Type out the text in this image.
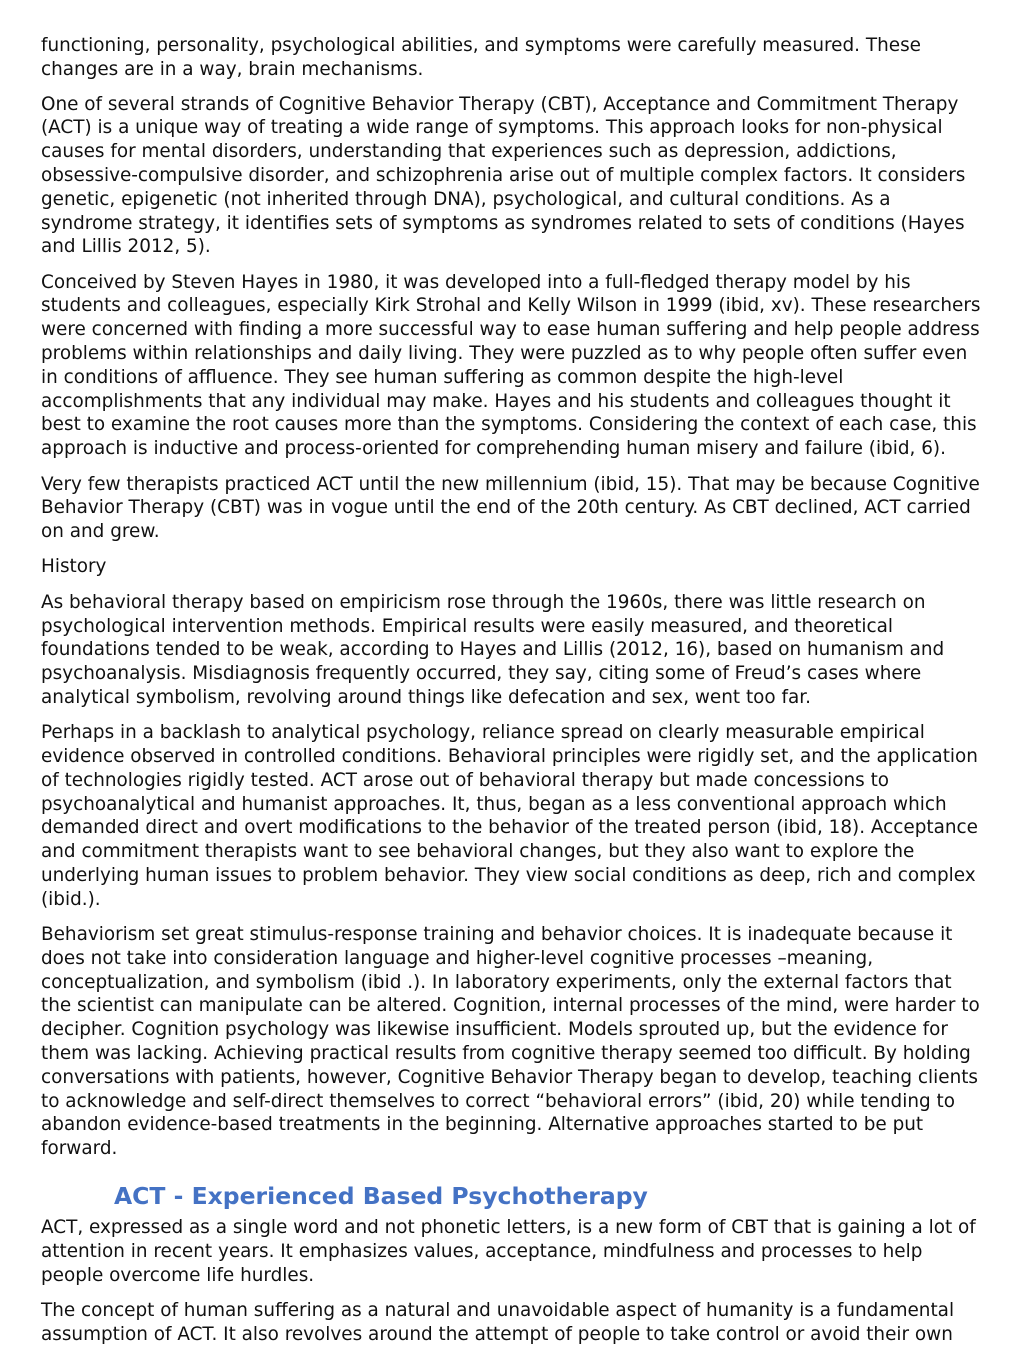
functioning, personality, psychological abilities, and symptoms were carefully measured. These changes are in a way, brain mechanisms.

One of several strands of Cognitive Behavior Therapy (CBT), Acceptance and Commitment Therapy (ACT) is a unique way of treating a wide range of symptoms. This approach looks for non-physical causes for mental disorders, understanding that experiences such as depression, addictions, obsessive-compulsive disorder, and schizophrenia arise out of multiple complex factors. It considers genetic, epigenetic (not inherited through DNA), psychological, and cultural conditions. As a syndrome strategy, it identifies sets of symptoms as syndromes related to sets of conditions (Hayes and Lillis 2012, 5).

Conceived by Steven Hayes in 1980, it was developed into a full-fledged therapy model by his students and colleagues, especially Kirk Strohal and Kelly Wilson in 1999 (ibid, xv). These researchers were concerned with finding a more successful way to ease human suffering and help people address problems within relationships and daily living. They were puzzled as to why people often suffer even in conditions of affluence. They see human suffering as common despite the high-level accomplishments that any individual may make. Hayes and his students and colleagues thought it best to examine the root causes more than the symptoms. Considering the context of each case, this approach is inductive and process-oriented for comprehending human misery and failure (ibid, 6).

Very few therapists practiced ACT until the new millennium (ibid, 15). That may be because Cognitive Behavior Therapy (CBT) was in vogue until the end of the 20th century. As CBT declined, ACT carried on and grew.

History

As behavioral therapy based on empiricism rose through the 1960s, there was little research on psychological intervention methods. Empirical results were easily measured, and theoretical foundations tended to be weak, according to Hayes and Lillis (2012, 16), based on humanism and psychoanalysis. Misdiagnosis frequently occurred, they say, citing some of Freud’s cases where analytical symbolism, revolving around things like defecation and sex, went too far.

Perhaps in a backlash to analytical psychology, reliance spread on clearly measurable empirical evidence observed in controlled conditions. Behavioral principles were rigidly set, and the application of technologies rigidly tested. ACT arose out of behavioral therapy but made concessions to psychoanalytical and humanist approaches. It, thus, began as a less conventional approach which demanded direct and overt modifications to the behavior of the treated person (ibid, 18). Acceptance and commitment therapists want to see behavioral changes, but they also want to explore the underlying human issues to problem behavior. They view social conditions as deep, rich and complex (ibid.).

Behaviorism set great stimulus-response training and behavior choices. It is inadequate because it does not take into consideration language and higher-level cognitive processes –meaning, conceptualization, and symbolism (ibid .). In laboratory experiments, only the external factors that the scientist can manipulate can be altered. Cognition, internal processes of the mind, were harder to decipher. Cognition psychology was likewise insufficient. Models sprouted up, but the evidence for them was lacking. Achieving practical results from cognitive therapy seemed too difficult. By holding conversations with patients, however, Cognitive Behavior Therapy began to develop, teaching clients to acknowledge and self-direct themselves to correct “behavioral errors” (ibid, 20) while tending to abandon evidence-based treatments in the beginning. Alternative approaches started to be put forward.

ACT - Experienced Based Psychotherapy

ACT, expressed as a single word and not phonetic letters, is a new form of CBT that is gaining a lot of attention in recent years. It emphasizes values, acceptance, mindfulness and processes to help people overcome life hurdles.

The concept of human suffering as a natural and unavoidable aspect of humanity is a fundamental assumption of ACT. It also revolves around the attempt of people to take control or avoid their own
